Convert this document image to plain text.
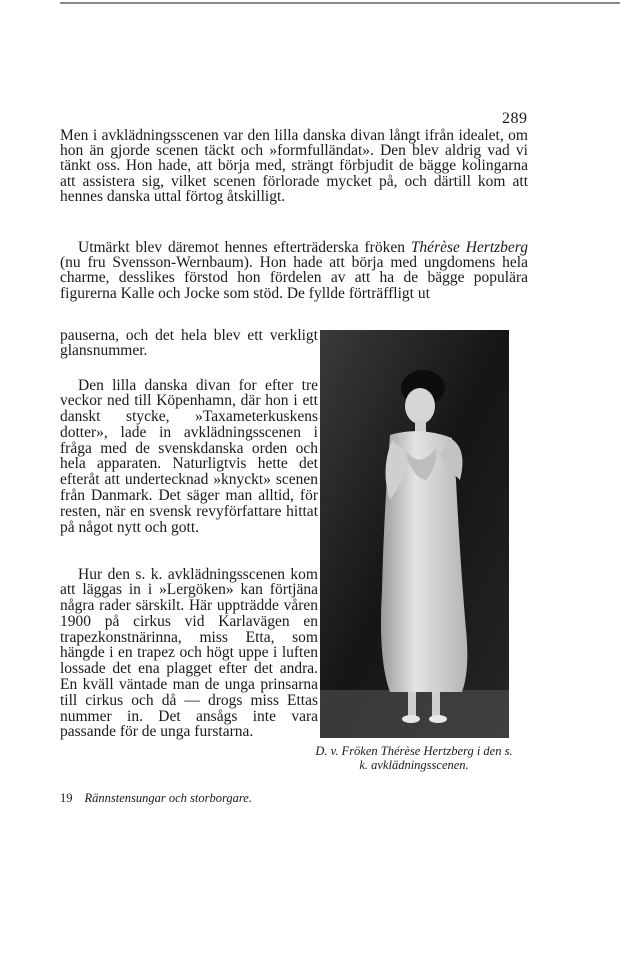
289

Men i avklädningsscenen var den lilla danska divan långt ifrån idealet, om hon än gjorde scenen täckt och »formfulländat». Den blev aldrig vad vi tänkt oss. Hon hade, att börja med, strängt förbjudit de bägge kolingarna att assistera sig, vilket scenen förlorade mycket på, och därtill kom att hennes danska uttal förtog åtskilligt.

Utmärkt blev däremot hennes efterträderska fröken Thérèse Hertzberg (nu fru Svensson-Wernbaum). Hon hade att börja med ungdomens hela charme, desslikes förstod hon fördelen av att ha de bägge populära figurerna Kalle och Jocke som stöd. De fyllde förträffligt ut

pauserna, och det hela blev ett verkligt glansnummer.

Den lilla danska divan for efter tre veckor ned till Köpenhamn, där hon i ett danskt stycke, »Taxameterkuskens dotter», lade in avklädningsscenen i fråga med de svenskdanska orden och hela apparaten. Naturligtvis hette det efteråt att undertecknad »knyckt» scenen från Danmark. Det säger man alltid, för resten, när en svensk revyförfattare hittat på något nytt och gott.

Hur den s. k. avklädningsscenen kom att läggas in i »Lergöken» kan förtjäna några rader särskilt. Här uppträdde våren 1900 på cirkus vid Karlavägen en trapezkonstnärinna, miss Etta, som hängde i en trapez och högt uppe i luften lossade det ena plagget efter det andra. En kväll väntade man de unga prinsarna till cirkus och då — drogs miss Ettas nummer in. Det ansågs inte vara passande för de unga furstarna.

D. v. Fröken Thérèse Hertzberg i den s. k. avklädningsscenen.
19 Rännstensungar och storborgare.
